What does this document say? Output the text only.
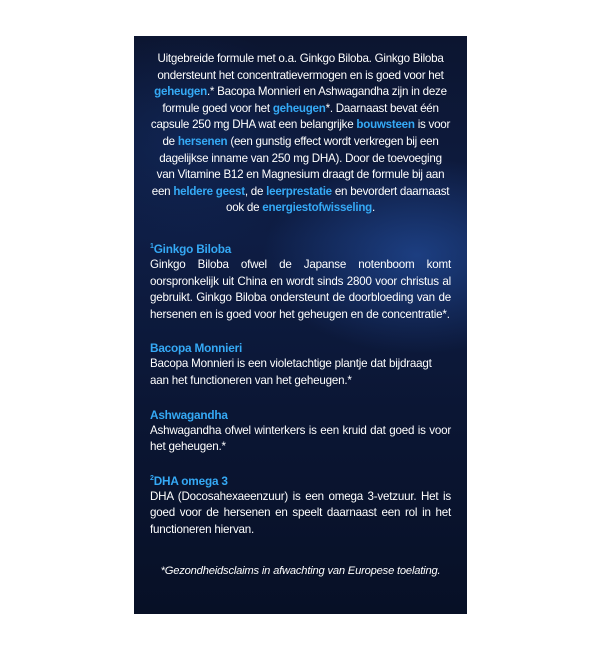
Uitgebreide formule met o.a. Ginkgo Biloba. Ginkgo Biloba ondersteunt het concentratievermogen en is goed voor het geheugen.* Bacopa Monnieri en Ashwagandha zijn in deze formule goed voor het geheugen*. Daarnaast bevat één capsule 250 mg DHA wat een belangrijke bouwsteen is voor de hersenen (een gunstig effect wordt verkregen bij een dagelijkse inname van 250 mg DHA). Door de toevoeging van Vitamine B12 en Magnesium draagt de formule bij aan een heldere geest, de leerprestatie en bevordert daarnaast ook de energiestofwisseling.
$^1$Ginkgo Biloba
Ginkgo Biloba ofwel de Japanse notenboom komt oorspronkelijk uit China en wordt sinds 2800 voor christus al gebruikt. Ginkgo Biloba ondersteunt de doorbloeding van de hersenen en is goed voor het geheugen en de concentratie*.
Bacopa Monnieri
Bacopa Monnieri is een violetachtige plantje dat bijdraagt aan het functioneren van het geheugen.*
Ashwagandha
Ashwagandha ofwel winterkers is een kruid dat goed is voor het geheugen.*
$^2$DHA omega 3
DHA (Docosahexaeenzuur) is een omega 3-vetzuur. Het is goed voor de hersenen en speelt daarnaast een rol in het functioneren hiervan.
*Gezondheidsclaims in afwachting van Europese toelating.
